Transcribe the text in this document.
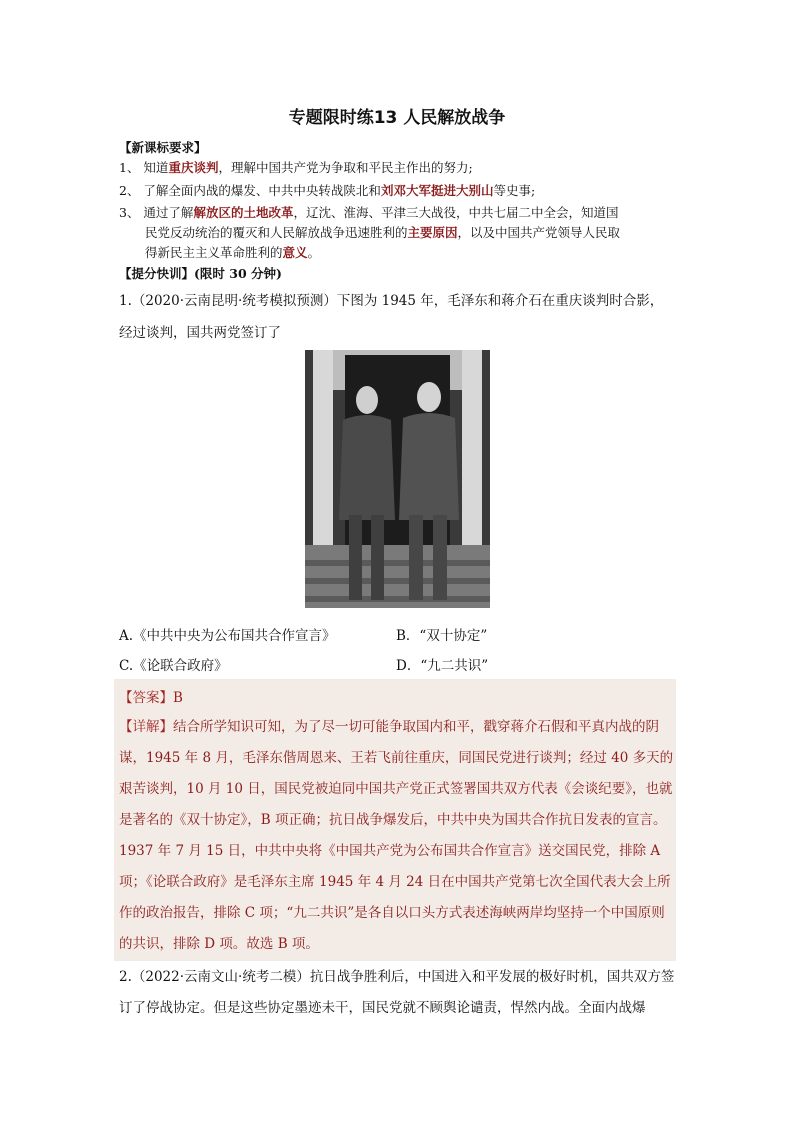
专题限时练13 人民解放战争
【新课标要求】
1、 知道重庆谈判，理解中国共产党为争取和平民主作出的努力;
2、 了解全面内战的爆发、中共中央转战陕北和刘邓大军挺进大别山等史事;
3、 通过了解解放区的土地改革，辽沈、淮海、平津三大战役，中共七届二中全会，知道国
民党反动统治的覆灭和人民解放战争迅速胜利的主要原因，以及中国共产党领导人民取
得新民主主义革命胜利的意义。
【提分快训】(限时 30 分钟)
1.（2020·云南昆明·统考模拟预测）下图为 1945 年，毛泽东和蒋介石在重庆谈判时合影，
经过谈判，国共两党签订了
A.《中共中央为公布国共合作宣言》	B．“双十协定”
C.《论联合政府》	D．“九二共识”
【答案】B
【详解】结合所学知识可知，为了尽一切可能争取国内和平，戳穿蒋介石假和平真内战的阴谋，1945 年 8 月，毛泽东偕周恩来、王若飞前往重庆，同国民党进行谈判；经过 40 多天的艰苦谈判，10 月 10 日，国民党被迫同中国共产党正式签署国共双方代表《会谈纪要》，也就是著名的《双十协定》，B 项正确；抗日战争爆发后，中共中央为国共合作抗日发表的宣言。1937 年 7 月 15 日，中共中央将《中国共产党为公布国共合作宣言》送交国民党，排除 A 项；《论联合政府》是毛泽东主席 1945 年 4 月 24 日在中国共产党第七次全国代表大会上所作的政治报告，排除 C 项；“九二共识”是各自以口头方式表述海峡两岸均坚持一个中国原则的共识，排除 D 项。故选 B 项。
2.（2022·云南文山·统考二模）抗日战争胜利后，中国进入和平发展的极好时机，国共双方签订了停战协定。但是这些协定墨迹未干，国民党就不顾舆论谴责，悍然内战。全面内战爆
